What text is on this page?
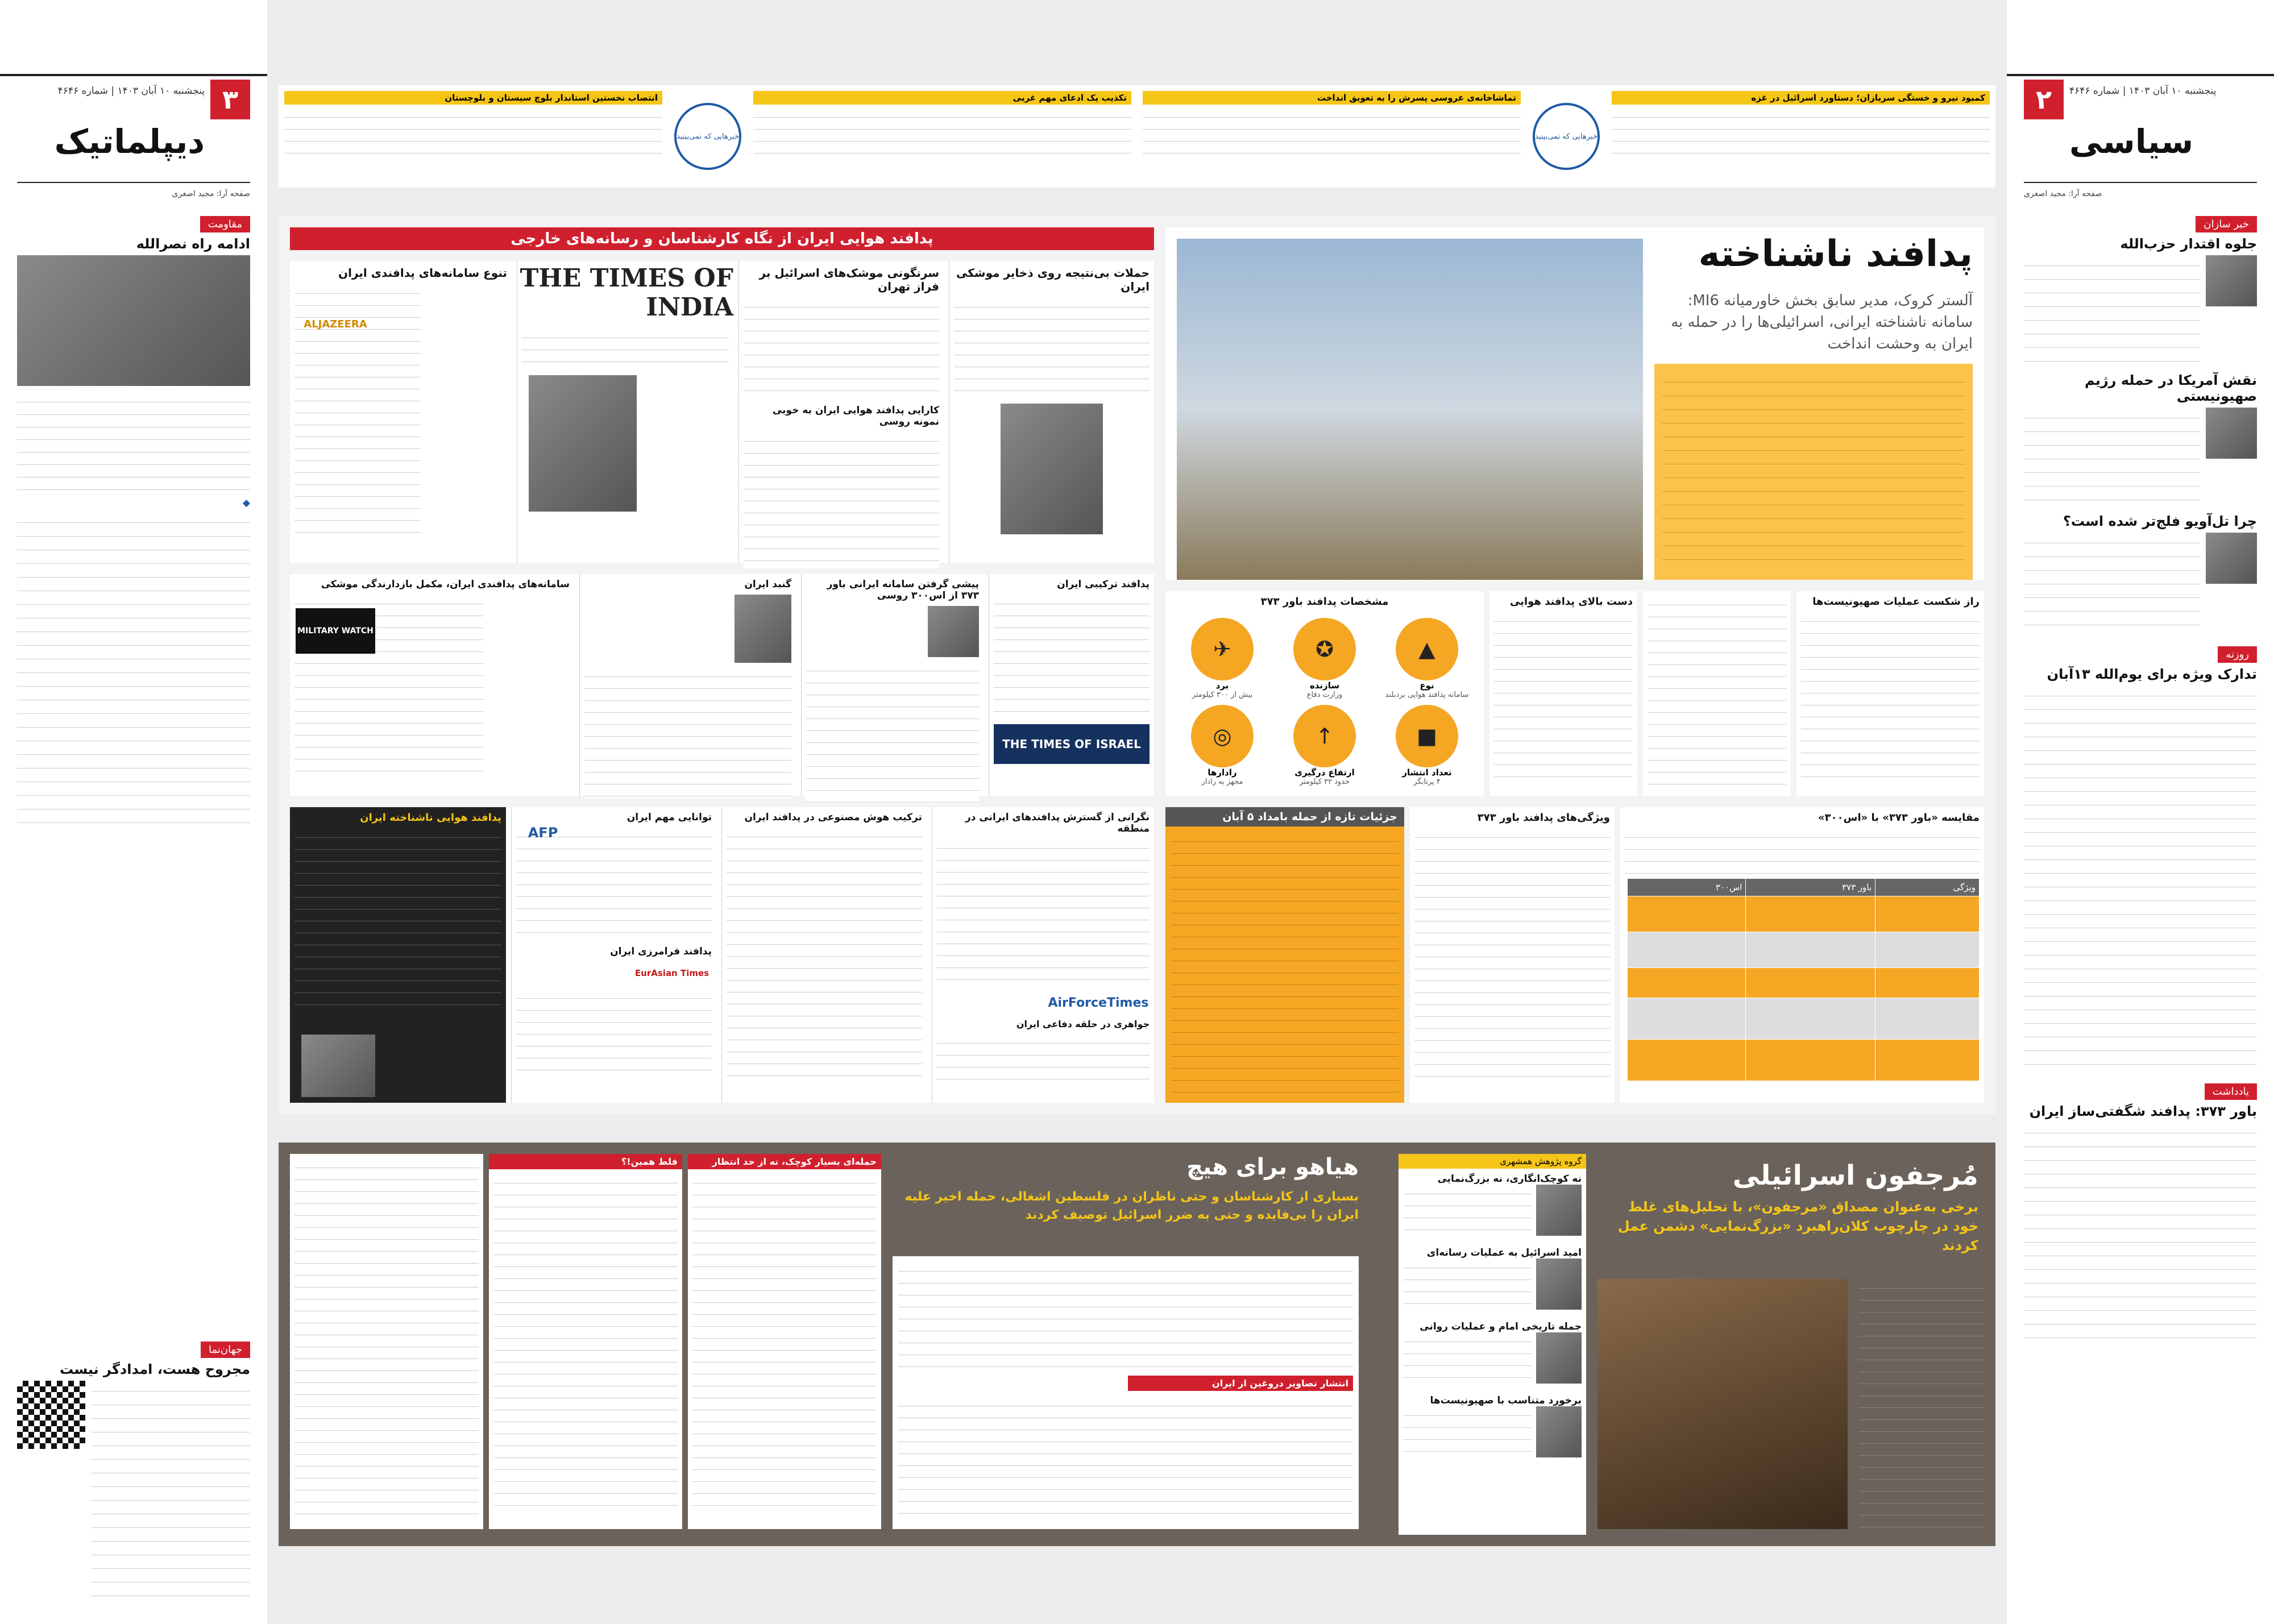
۳
پنجشنبه ۱۰ آبان ۱۴۰۳ | شماره ۴۶۴۶
دیپلماتیک
صفحه آرا: مجید اصغری
مقاومت
ادامه راه نصرالله
◆
جهان‌نما
مجروح هست، امدادگر نیست
۲	پنجشنبه ۱۰ آبان ۱۴۰۳ | شماره ۴۶۴۶
سیاسی
صفحه آرا: مجید اصغری
خبر سازان
جلوه اقتدار حزب‌الله
نقش آمریکا در حمله رژیم صهیونیستی
چرا تل‌آویو فلج‌تر شده است؟
روزنه
تدارک ویژه برای یوم‌الله ۱۳آبان
یادداشت
باور ۳۷۳: پدافند شگفتی‌ساز ایران
کمبود نیرو و خستگی سربازان؛ دستاورد اسرائیل در غزه
خبرهایی که نمی‌بینید
تماشاخانه‌ی عروسی پسرش را به تعویق انداخت
تکذیب یک ادعای مهم غربی
خبرهایی که نمی‌بینید
انتصاب نخستین استاندار بلوچ سیستان و بلوچستان
پدافند ناشناخته
آلستر کروک، مدیر سابق بخش خاورمیانه MI6: سامانه ناشناخته ایرانی، اسرائیلی‌ها را در حمله به ایران به وحشت انداخت
پدافند هوایی ایران از نگاه کارشناسان و رسانه‌های خارجی
حملات بی‌نتیجه روی ذخایر موشکی ایران
سرنگونی موشک‌های اسرائیل بر فراز تهران
کارایی پدافند هوایی ایران به خوبی نمونه روسی
THE TIMES OF INDIA
تنوع سامانه‌های پدافندی ایران
ALJAZEERA
پدافند ترکیبی ایران
THE TIMES OF ISRAEL
پیشی گرفتن سامانه ایرانی باور ۳۷۳ از اس۳۰۰ روسی
گنبد ایران
سامانه‌های پدافندی ایران، مکمل بازدارندگی موشکی
MILITARY WATCH
راز شکست عملیات صهیونیست‌ها
دست بالای پدافند هوایی
مشخصات پدافند باور ۳۷۳
▲
نوع
سامانه پدافند هوایی بردبلند
✪
سازنده
وزارت دفاع
✈
برد
بیش از ۳۰۰ کیلومتر
■
تعداد انتشار
۴ پرتابگر
↑
ارتفاع درگیری
حدود ۳۲ کیلومتر
◎
رادارها
مجهز به رادار
مقایسه «باور ۳۷۳» با «اس۳۰۰»
ویژگی	باور ۳۷۳	اس۳۰۰

ویژگی‌های پدافند باور ۳۷۳
جزئیات تازه از حمله بامداد ۵ آبان
نگرانی از گسترش پدافندهای ایرانی در منطقه
AirForceTimes
جواهری در حلقه دفاعی ایران
ترکیب هوش مصنوعی در پدافند ایران
توانایی مهم ایران
AFP
پدافند فرامرزی ایران
EurAsian Times
پدافند هوایی ناشناخته ایران
مُرجفون اسرائیلی
برخی به‌عنوان مصداق «مرجفون»، با تحلیل‌های غلط خود در چارچوب کلان‌راهبرد «بزرگ‌نمایی» دشمن عمل کردند
گروه پژوهش همشهری
نه کوچک‌انگاری، نه بزرگ‌نمایی
امید اسرائیل به عملیات رسانه‌ای
جمله تاریخی امام و عملیات روانی
برخورد متناسب با صهیونیست‌ها
هیاهو برای هیچ
بسیاری از کارشناسان و حتی ناظران در فلسطین اشغالی، حمله اخیر علیه ایران را بی‌فایده و حتی به ضرر اسرائیل توصیف کردند
انتشار تصاویر دروغین از ایران
حمله‌ای بسیار کوچک، نه از حد انتظار
فلط همین!؟
